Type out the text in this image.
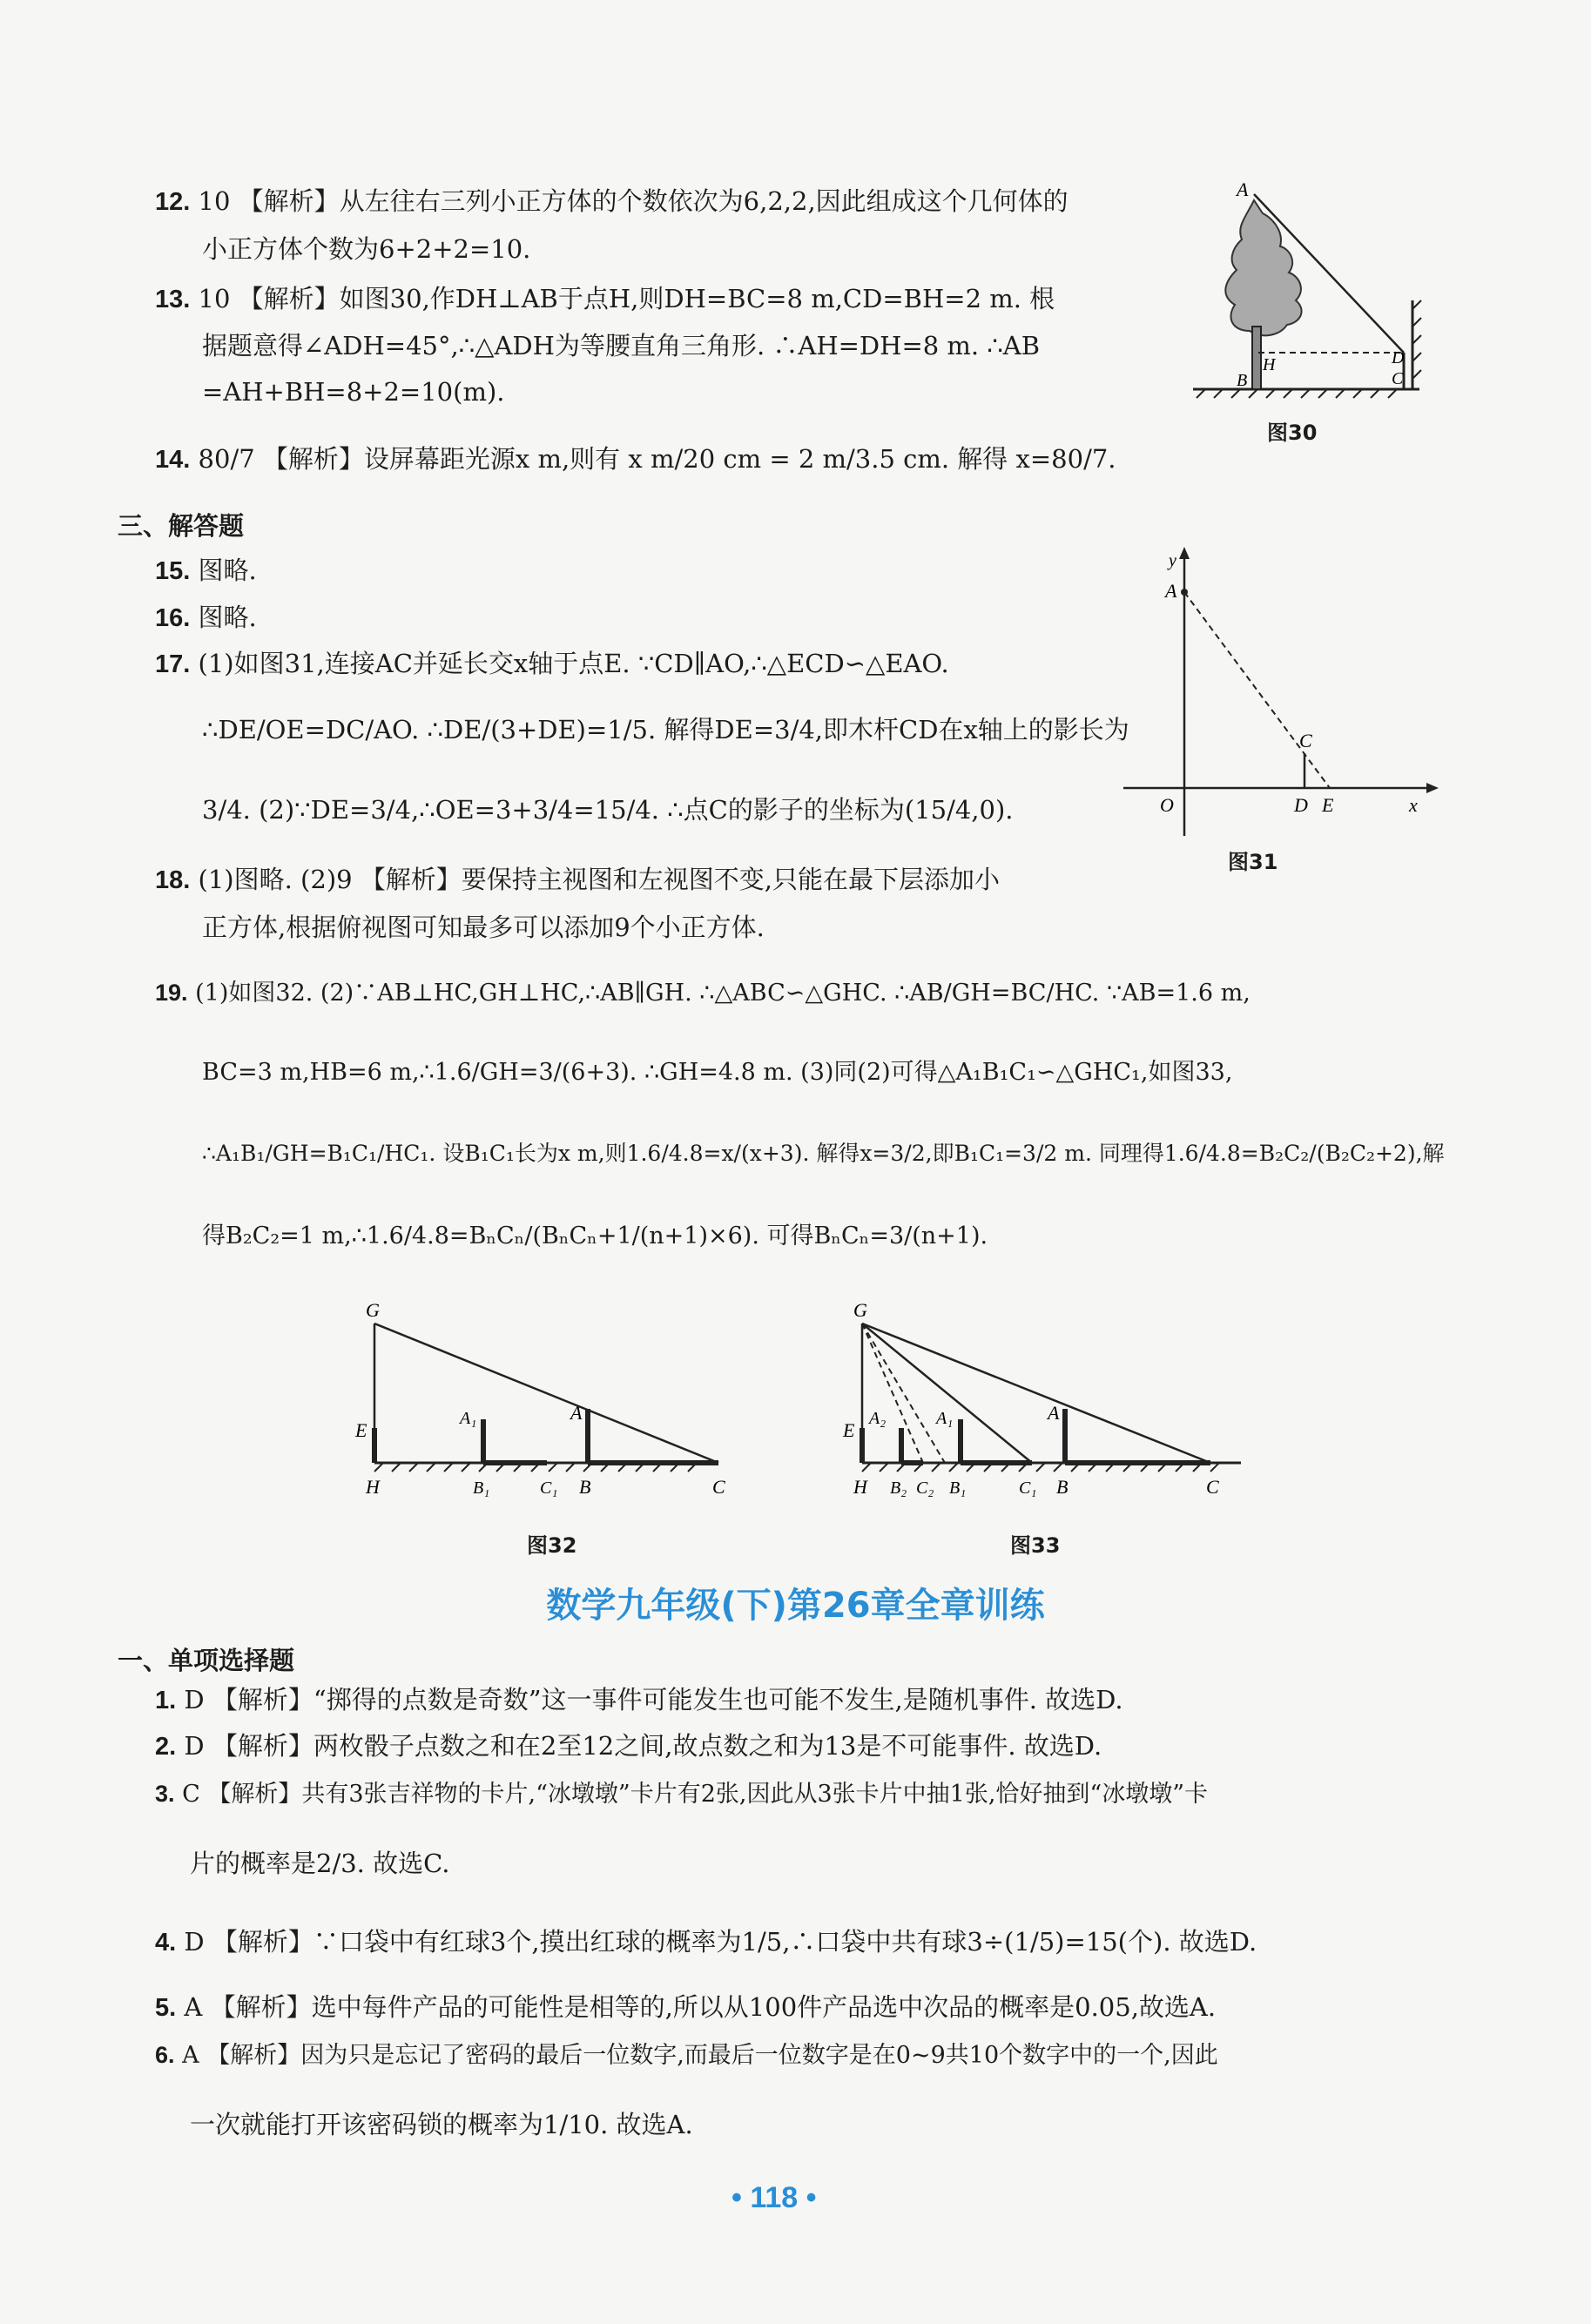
12. 10 【解析】从左往右三列小正方体的个数依次为6,2,2,因此组成这个几何体的
小正方体个数为6+2+2=10.
13. 10 【解析】如图30,作DH⊥AB于点H,则DH=BC=8 m,CD=BH=2 m. 根
据题意得∠ADH=45°,∴△ADH为等腰直角三角形. ∴AH=DH=8 m. ∴AB
=AH+BH=8+2=10(m).
14. 80/7 【解析】设屏幕距光源x m,则有 x m/20 cm = 2 m/3.5 cm. 解得 x=80/7.
三、解答题
15. 图略.
16. 图略.
17. (1)如图31,连接AC并延长交x轴于点E. ∵CD∥AO,∴△ECD∽△EAO.
∴DE/OE=DC/AO. ∴DE/(3+DE)=1/5. 解得DE=3/4,即木杆CD在x轴上的影长为
3/4. (2)∵DE=3/4,∴OE=3+3/4=15/4. ∴点C的影子的坐标为(15/4,0).
18. (1)图略. (2)9 【解析】要保持主视图和左视图不变,只能在最下层添加小
正方体,根据俯视图可知最多可以添加9个小正方体.
19. (1)如图32. (2)∵AB⊥HC,GH⊥HC,∴AB∥GH. ∴△ABC∽△GHC. ∴AB/GH=BC/HC. ∵AB=1.6 m,
BC=3 m,HB=6 m,∴1.6/GH=3/(6+3). ∴GH=4.8 m. (3)同(2)可得△A₁B₁C₁∽△GHC₁,如图33,
∴A₁B₁/GH=B₁C₁/HC₁. 设B₁C₁长为x m,则1.6/4.8=x/(x+3). 解得x=3/2,即B₁C₁=3/2 m. 同理得1.6/4.8=B₂C₂/(B₂C₂+2),解
得B₂C₂=1 m,∴1.6/4.8=BₙCₙ/(BₙCₙ+1/(n+1)×6). 可得BₙCₙ=3/(n+1).
A
H	D
B	C
图30
y
A
C
O	D E	x
图31
G
E
A₁	A
H	B₁	C₁ B	C
图32
G
E
A₂	A₁	A
H B₂ C₂ B₁	C₁ B	C
图33
数学九年级(下)第26章全章训练
一、单项选择题
1. D 【解析】“掷得的点数是奇数”这一事件可能发生也可能不发生,是随机事件. 故选D.
2. D 【解析】两枚骰子点数之和在2至12之间,故点数之和为13是不可能事件. 故选D.
3. C 【解析】共有3张吉祥物的卡片,“冰墩墩”卡片有2张,因此从3张卡片中抽1张,恰好抽到“冰墩墩”卡
片的概率是2/3. 故选C.
4. D 【解析】∵口袋中有红球3个,摸出红球的概率为1/5,∴口袋中共有球3÷(1/5)=15(个). 故选D.
5. A 【解析】选中每件产品的可能性是相等的,所以从100件产品选中次品的概率是0.05,故选A.
6. A 【解析】因为只是忘记了密码的最后一位数字,而最后一位数字是在0~9共10个数字中的一个,因此
一次就能打开该密码锁的概率为1/10. 故选A.
• 118 •
